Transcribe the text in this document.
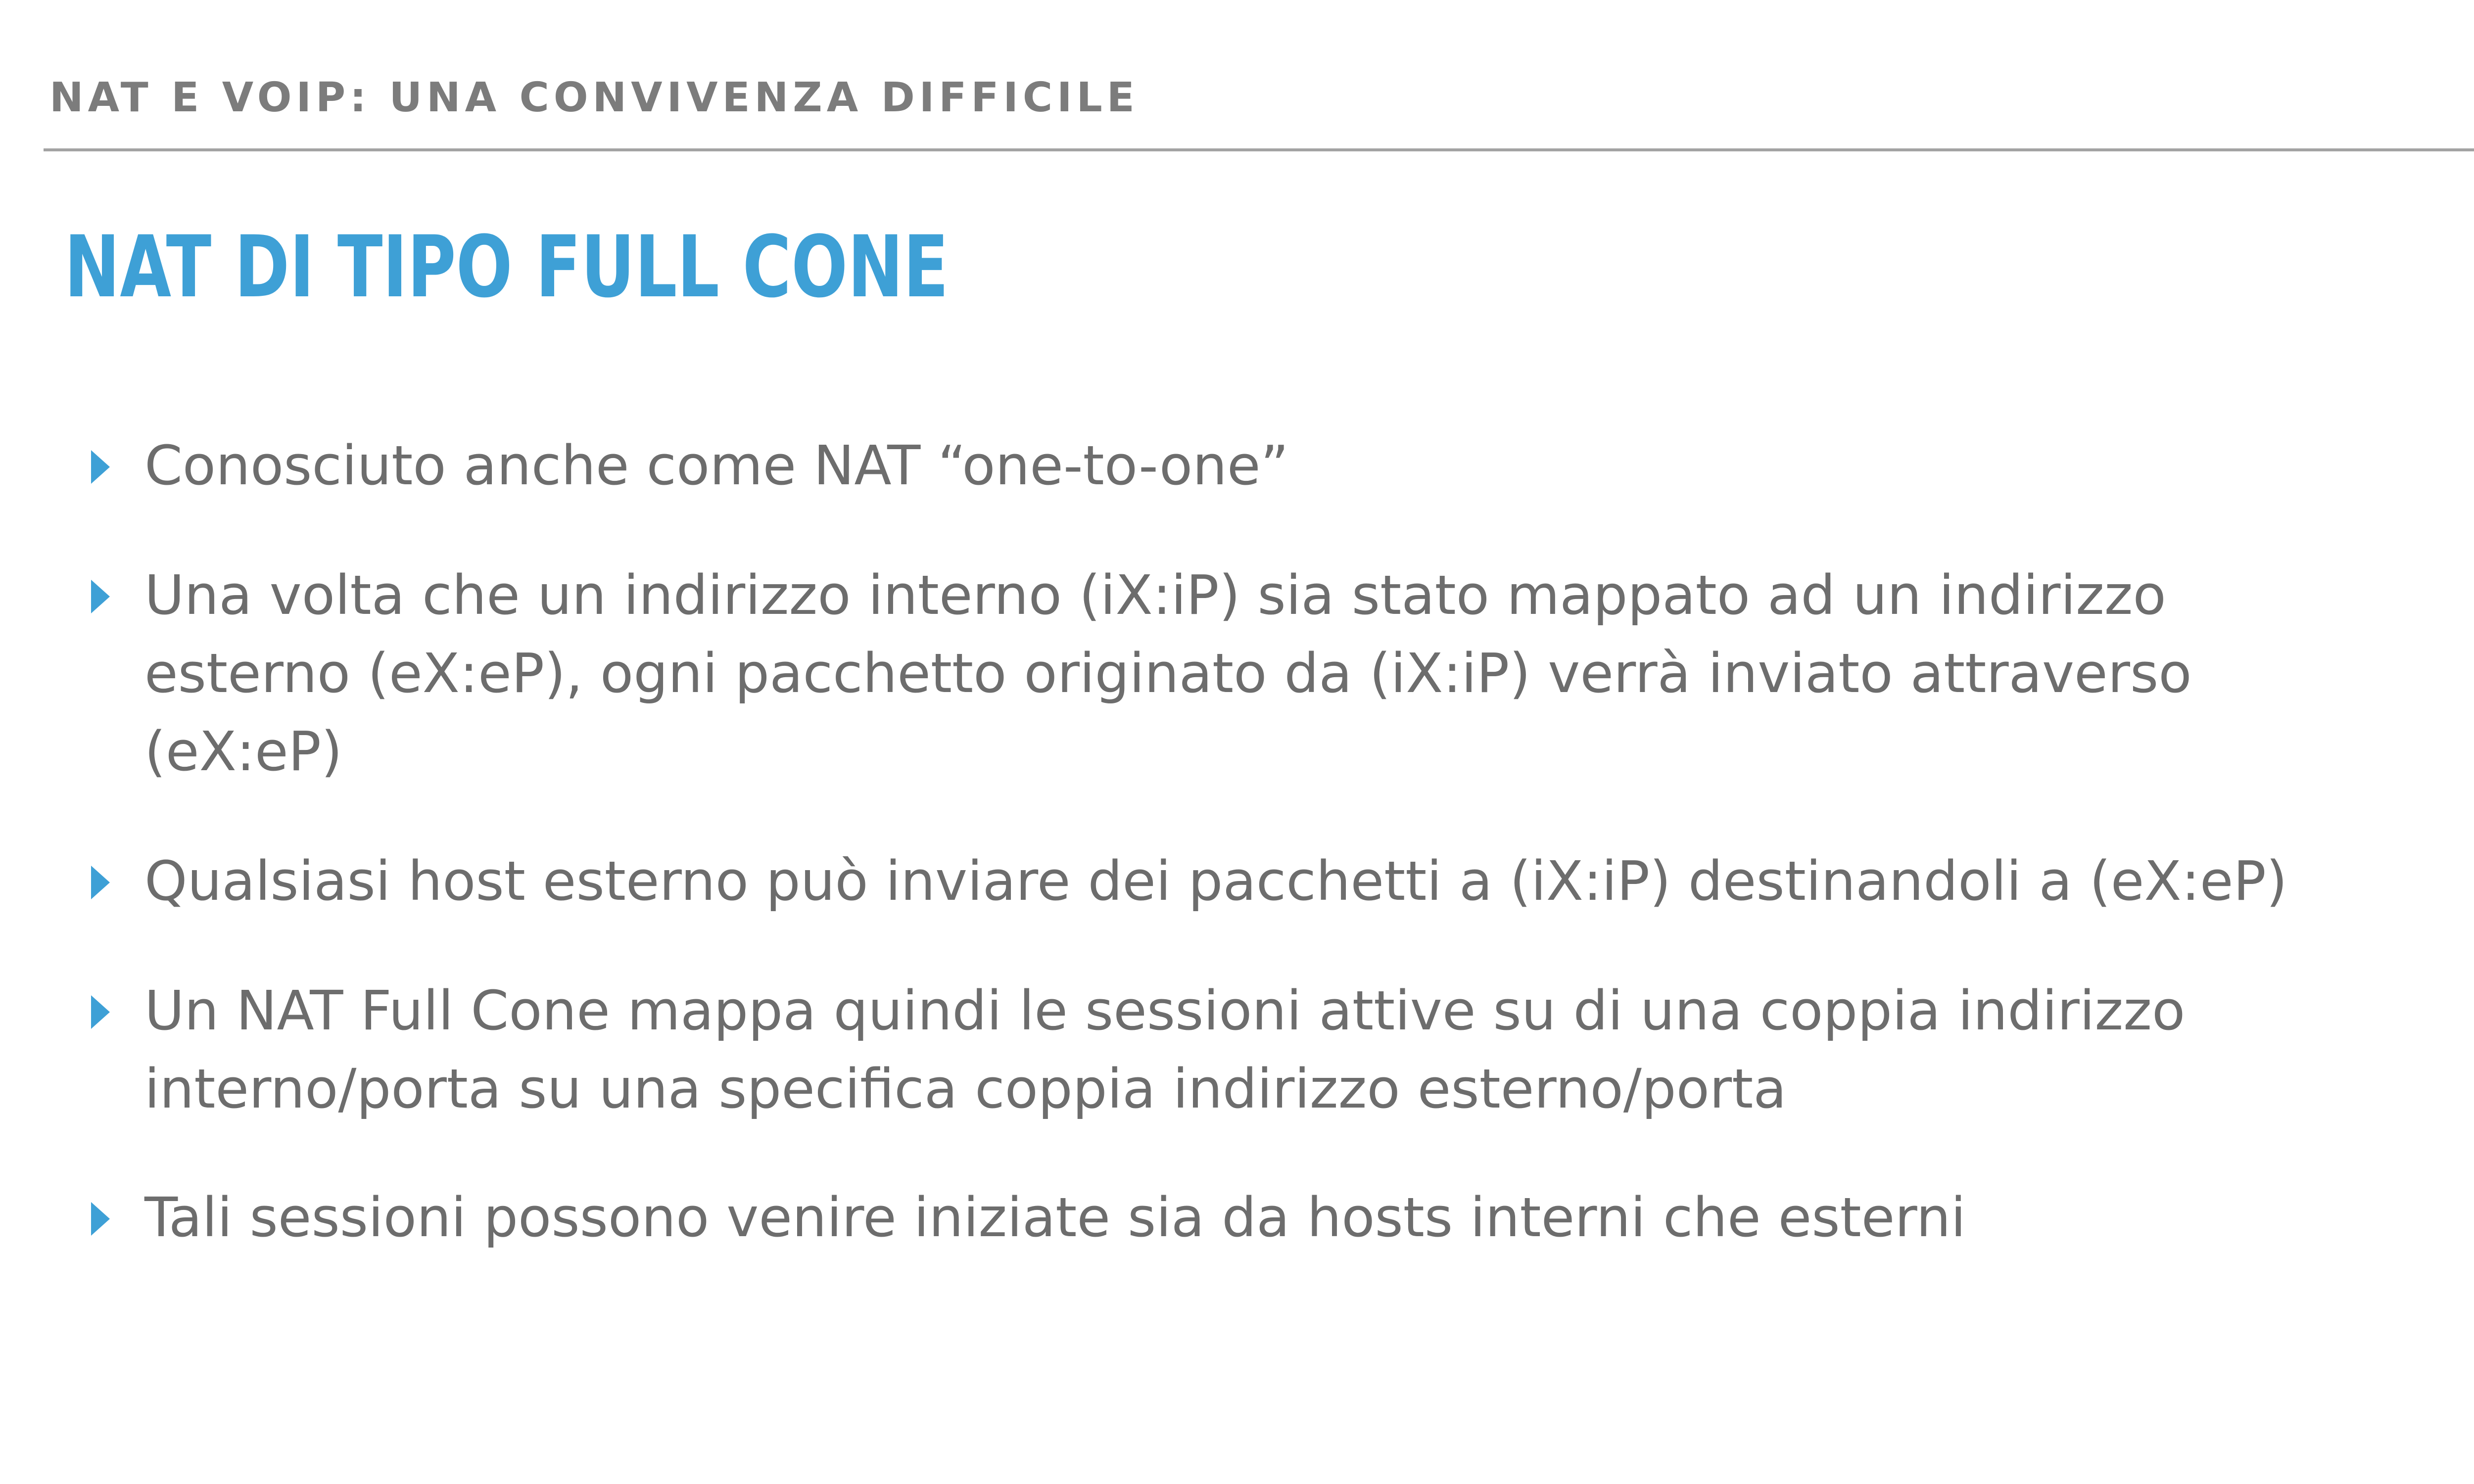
NAT E VOIP: UNA CONVIVENZA DIFFICILE
NAT DI TIPO FULL CONE
Conosciuto anche come NAT “one-to-one”
Una volta che un indirizzo interno (iX:iP) sia stato mappato ad un indirizzo esterno (eX:eP), ogni pacchetto originato da (iX:iP) verrà inviato attraverso (eX:eP)
Qualsiasi host esterno può inviare dei pacchetti a (iX:iP) destinandoli a (eX:eP)
Un NAT Full Cone mappa quindi le sessioni attive su di una coppia indirizzo interno/porta su una specifica coppia indirizzo esterno/porta
Tali sessioni possono venire iniziate sia da hosts interni che esterni
